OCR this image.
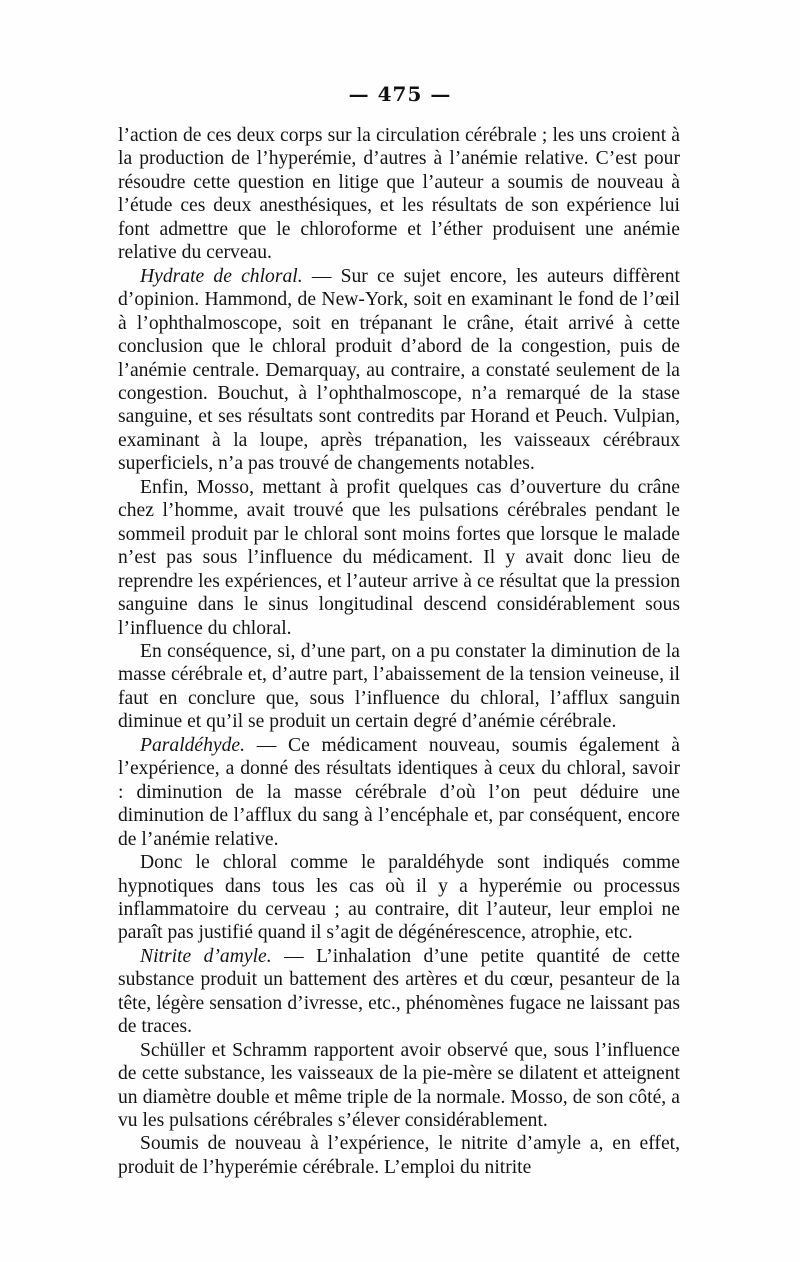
— 475 —

l’action de ces deux corps sur la circulation cérébrale ; les uns croient à la production de l’hyperémie, d’autres à l’anémie relative. C’est pour résoudre cette question en litige que l’auteur a soumis de nouveau à l’étude ces deux anesthésiques, et les résultats de son expérience lui font admettre que le chloroforme et l’éther produisent une anémie relative du cerveau.

Hydrate de chloral. — Sur ce sujet encore, les auteurs diffèrent d’opinion. Hammond, de New-York, soit en examinant le fond de l’œil à l’ophthalmoscope, soit en trépanant le crâne, était arrivé à cette conclusion que le chloral produit d’abord de la congestion, puis de l’anémie centrale. Demarquay, au contraire, a constaté seulement de la congestion. Bouchut, à l’ophthalmoscope, n’a remarqué de la stase sanguine, et ses résultats sont contredits par Horand et Peuch. Vulpian, examinant à la loupe, après trépanation, les vaisseaux cérébraux superficiels, n’a pas trouvé de changements notables.

Enfin, Mosso, mettant à profit quelques cas d’ouverture du crâne chez l’homme, avait trouvé que les pulsations cérébrales pendant le sommeil produit par le chloral sont moins fortes que lorsque le malade n’est pas sous l’influence du médicament. Il y avait donc lieu de reprendre les expériences, et l’auteur arrive à ce résultat que la pression sanguine dans le sinus longitudinal descend considérablement sous l’influence du chloral.

En conséquence, si, d’une part, on a pu constater la diminution de la masse cérébrale et, d’autre part, l’abaissement de la tension veineuse, il faut en conclure que, sous l’influence du chloral, l’afflux sanguin diminue et qu’il se produit un certain degré d’anémie cérébrale.

Paraldéhyde. — Ce médicament nouveau, soumis également à l’expérience, a donné des résultats identiques à ceux du chloral, savoir : diminution de la masse cérébrale d’où l’on peut déduire une diminution de l’afflux du sang à l’encéphale et, par conséquent, encore de l’anémie relative.

Donc le chloral comme le paraldéhyde sont indiqués comme hypnotiques dans tous les cas où il y a hyperémie ou processus inflammatoire du cerveau ; au contraire, dit l’auteur, leur emploi ne paraît pas justifié quand il s’agit de dégénérescence, atrophie, etc.

Nitrite d’amyle. — L’inhalation d’une petite quantité de cette substance produit un battement des artères et du cœur, pesanteur de la tête, légère sensation d’ivresse, etc., phénomènes fugace ne laissant pas de traces.

Schüller et Schramm rapportent avoir observé que, sous l’influence de cette substance, les vaisseaux de la pie-mère se dilatent et atteignent un diamètre double et même triple de la normale. Mosso, de son côté, a vu les pulsations cérébrales s’élever considérablement.

Soumis de nouveau à l’expérience, le nitrite d’amyle a, en effet, produit de l’hyperémie cérébrale. L’emploi du nitrite
